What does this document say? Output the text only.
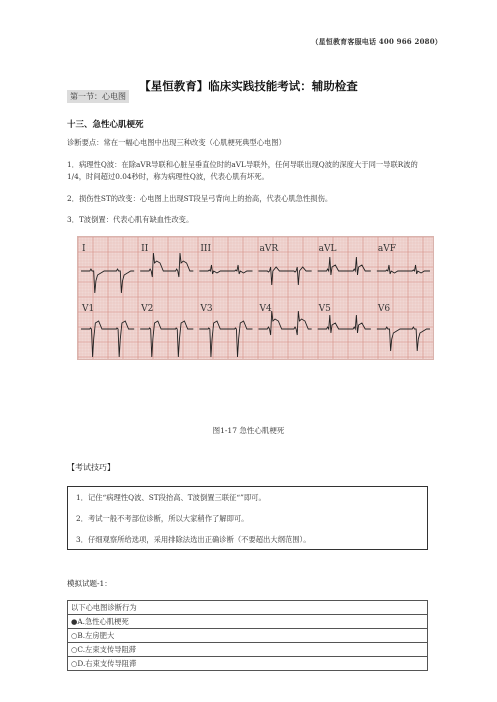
（星恒教育客服电话 400 966 2080）
【星恒教育】临床实践技能考试：辅助检查
第一节：心电图
十三、急性心肌梗死
诊断要点：常在一幅心电图中出现三种改变（心肌梗死典型心电图）
1．病理性Q波：在除aVR导联和心脏呈垂直位时的aVL导联外，任何导联出现Q波的深度大于同一导联R波的1/4，时间超过0.04秒时，称为病理性Q波，代表心肌有坏死。
2．损伤性ST的改变：心电图上出现ST段呈弓背向上的抬高，代表心肌急性损伤。
3．T波倒置：代表心肌有缺血性改变。
I	II	III	aVR	aVL	aVF
V1	V2	V3	V4	V5	V6
图1-17 急性心肌梗死
【考试技巧】
1．记住“病理性Q波、ST段抬高、T波倒置三联征“”即可。
2．考试一般不考部位诊断，所以大家稍作了解即可。
3．仔细观察所给选项，采用排除法选出正确诊断（不要超出大纲范围）。
模拟试题-1：
以下心电图诊断行为
●A.急性心肌梗死
○B.左房肥大
○C.左束支传导阻滞
○D.右束支传导阻滞
